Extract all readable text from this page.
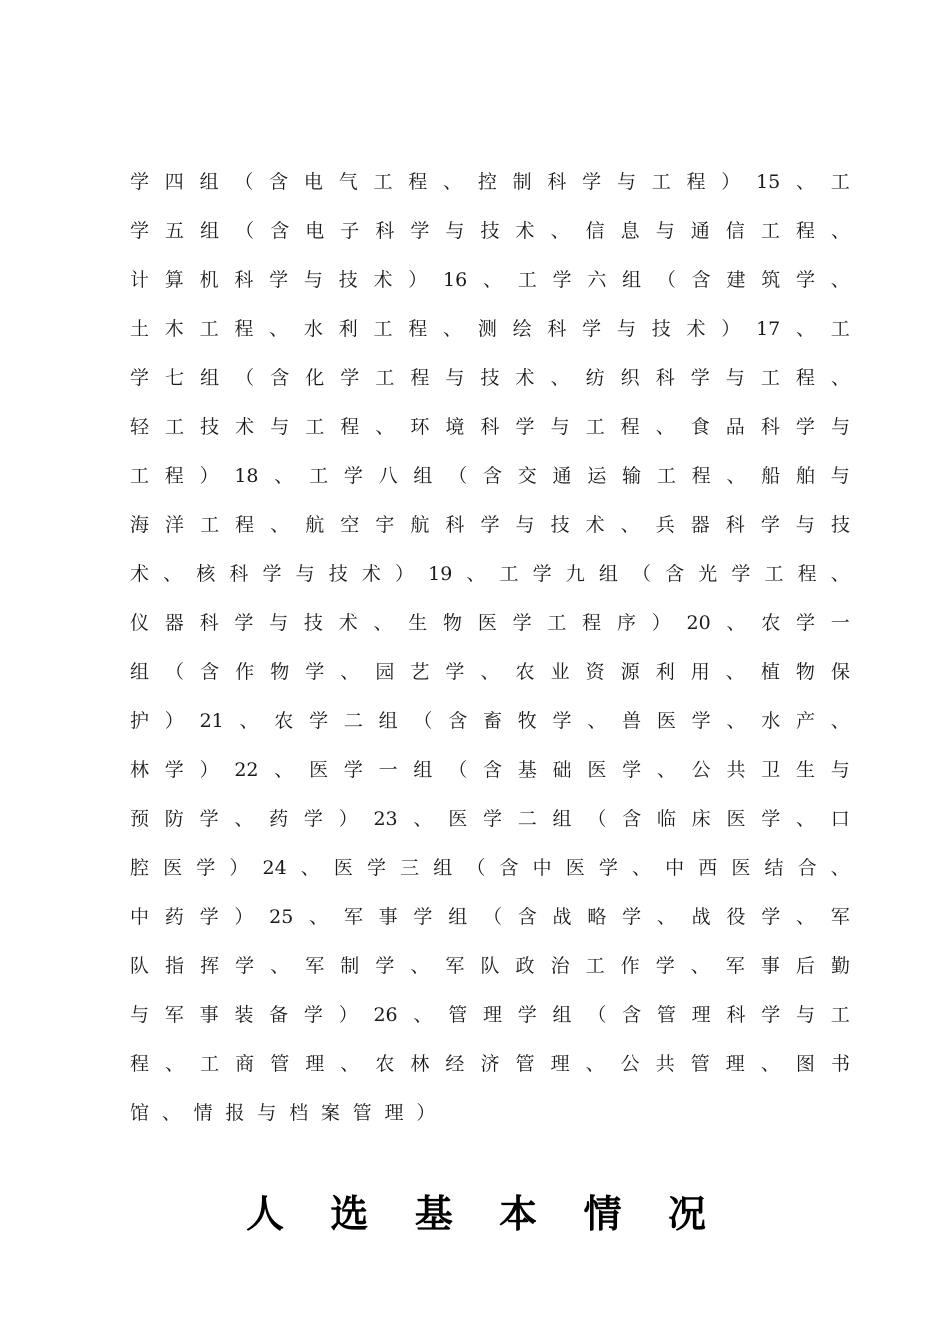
学 四 组 （ 含 电 气 工 程 、 控 制 科 学 与 工 程 ） 15 、 工
学 五 组 （ 含 电 子 科 学 与 技 术 、 信 息 与 通 信 工 程 、
计 算 机 科 学 与 技 术 ） 16 、 工 学 六 组 （ 含 建 筑 学 、
土 木 工 程 、 水 利 工 程 、 测 绘 科 学 与 技 术 ） 17 、 工
学 七 组 （ 含 化 学 工 程 与 技 术 、 纺 织 科 学 与 工 程 、
轻 工 技 术 与 工 程 、 环 境 科 学 与 工 程 、 食 品 科 学 与
工 程 ） 18 、 工 学 八 组 （ 含 交 通 运 输 工 程 、 船 舶 与
海 洋 工 程 、 航 空 宇 航 科 学 与 技 术 、 兵 器 科 学 与 技
术 、 核 科 学 与 技 术 ） 19 、 工 学 九 组 （ 含 光 学 工 程 、
仪 器 科 学 与 技 术 、 生 物 医 学 工 程 序 ） 20 、 农 学 一
组 （ 含 作 物 学 、 园 艺 学 、 农 业 资 源 利 用 、 植 物 保
护 ） 21 、 农 学 二 组 （ 含 畜 牧 学 、 兽 医 学 、 水 产 、
林 学 ） 22 、 医 学 一 组 （ 含 基 础 医 学 、 公 共 卫 生 与
预 防 学 、 药 学 ） 23 、 医 学 二 组 （ 含 临 床 医 学 、 口
腔 医 学 ） 24 、 医 学 三 组 （ 含 中 医 学 、 中 西 医 结 合 、
中 药 学 ） 25 、 军 事 学 组 （ 含 战 略 学 、 战 役 学 、 军
队 指 挥 学 、 军 制 学 、 军 队 政 治 工 作 学 、 军 事 后 勤
与 军 事 装 备 学 ） 26 、 管 理 学 组 （ 含 管 理 科 学 与 工
程 、 工 商 管 理 、 农 林 经 济 管 理 、 公 共 管 理 、 图 书
馆 、 情 报 与 档 案 管 理 ）
人 选 基 本 情 况
